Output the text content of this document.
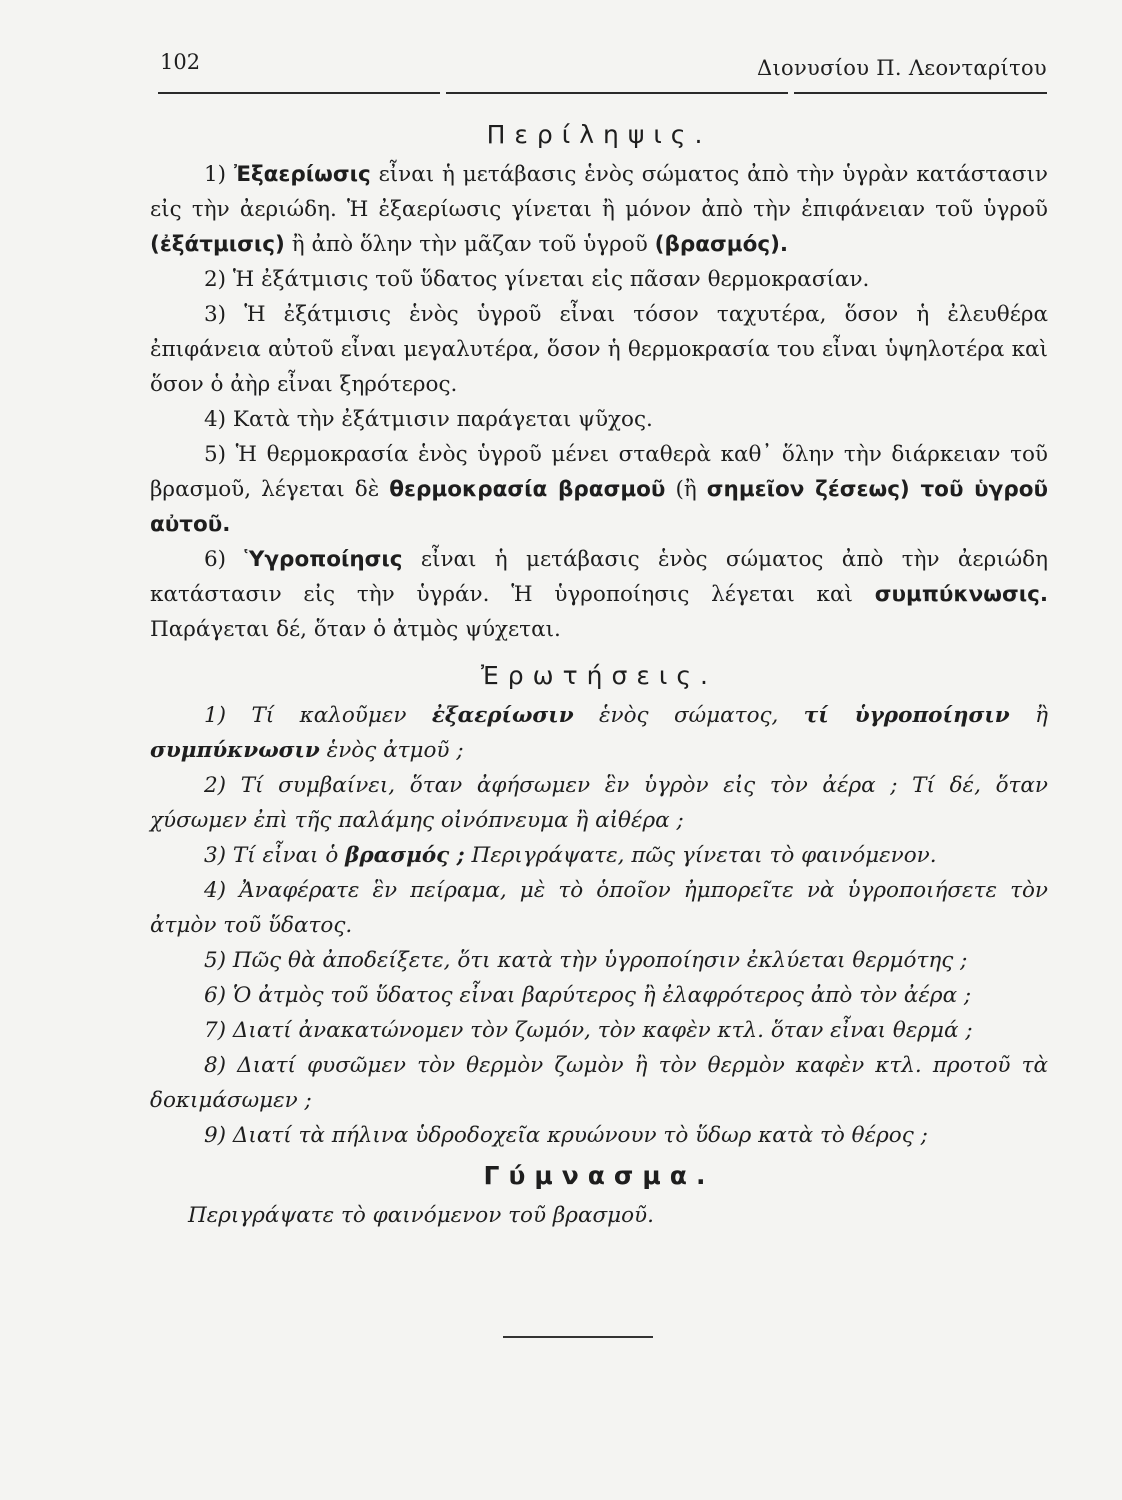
102	Διονυσίου Π. Λεονταρίτου
Περίληψις.

1) Ἐξαερίωσις εἶναι ἡ μετάβασις ἑνὸς σώματος ἀπὸ τὴν ὑγρὰν κατάστασιν εἰς τὴν ἀεριώδη. Ἡ ἐξαερίωσις γίνεται ἢ μόνον ἀπὸ τὴν ἐπιφάνειαν τοῦ ὑγροῦ (ἐξάτμισις) ἢ ἀπὸ ὅλην τὴν μᾶζαν τοῦ ὑγροῦ (βρασμός).

2) Ἡ ἐξάτμισις τοῦ ὕδατος γίνεται εἰς πᾶσαν θερμοκρασίαν.

3) Ἡ ἐξάτμισις ἑνὸς ὑγροῦ εἶναι τόσον ταχυτέρα, ὅσον ἡ ἐλευθέρα ἐπιφάνεια αὐτοῦ εἶναι μεγαλυτέρα, ὅσον ἡ θερμοκρασία του εἶναι ὑψηλοτέρα καὶ ὅσον ὁ ἀὴρ εἶναι ξηρότερος.

4) Κατὰ τὴν ἐξάτμισιν παράγεται ψῦχος.

5) Ἡ θερμοκρασία ἑνὸς ὑγροῦ μένει σταθερὰ καθ᾽ ὅλην τὴν διάρκειαν τοῦ βρασμοῦ, λέγεται δὲ θερμοκρασία βρασμοῦ (ἢ σημεῖον ζέσεως) τοῦ ὑγροῦ αὐτοῦ.

6) Ὑγροποίησις εἶναι ἡ μετάβασις ἑνὸς σώματος ἀπὸ τὴν ἀεριώδη κατάστασιν εἰς τὴν ὑγράν. Ἡ ὑγροποίησις λέγεται καὶ συμπύκνωσις. Παράγεται δέ, ὅταν ὁ ἀτμὸς ψύχεται.

Ἐρωτήσεις.

1) Τί καλοῦμεν ἐξαερίωσιν ἑνὸς σώματος, τί ὑγροποίησιν ἢ συμπύκνωσιν ἑνὸς ἀτμοῦ ;

2) Τί συμβαίνει, ὅταν ἀφήσωμεν ἓν ὑγρὸν εἰς τὸν ἀέρα ; Τί δέ, ὅταν χύσωμεν ἐπὶ τῆς παλάμης οἰνόπνευμα ἢ αἰθέρα ;

3) Τί εἶναι ὁ βρασμός ; Περιγράψατε, πῶς γίνεται τὸ φαινόμενον.

4) Ἀναφέρατε ἓν πείραμα, μὲ τὸ ὁποῖον ἠμπορεῖτε νὰ ὑγροποιήσετε τὸν ἀτμὸν τοῦ ὕδατος.

5) Πῶς θὰ ἀποδείξετε, ὅτι κατὰ τὴν ὑγροποίησιν ἐκλύεται θερμότης ;

6) Ὁ ἀτμὸς τοῦ ὕδατος εἶναι βαρύτερος ἢ ἐλαφρότερος ἀπὸ τὸν ἀέρα ;

7) Διατί ἀνακατώνομεν τὸν ζωμόν, τὸν καφὲν κτλ. ὅταν εἶναι θερμά ;

8) Διατί φυσῶμεν τὸν θερμὸν ζωμὸν ἢ τὸν θερμὸν καφὲν κτλ. προτοῦ τὰ δοκιμάσωμεν ;

9) Διατί τὰ πήλινα ὑδροδοχεῖα κρυώνουν τὸ ὕδωρ κατὰ τὸ θέρος ;

Γύμνασμα.

Περιγράψατε τὸ φαινόμενον τοῦ βρασμοῦ.
